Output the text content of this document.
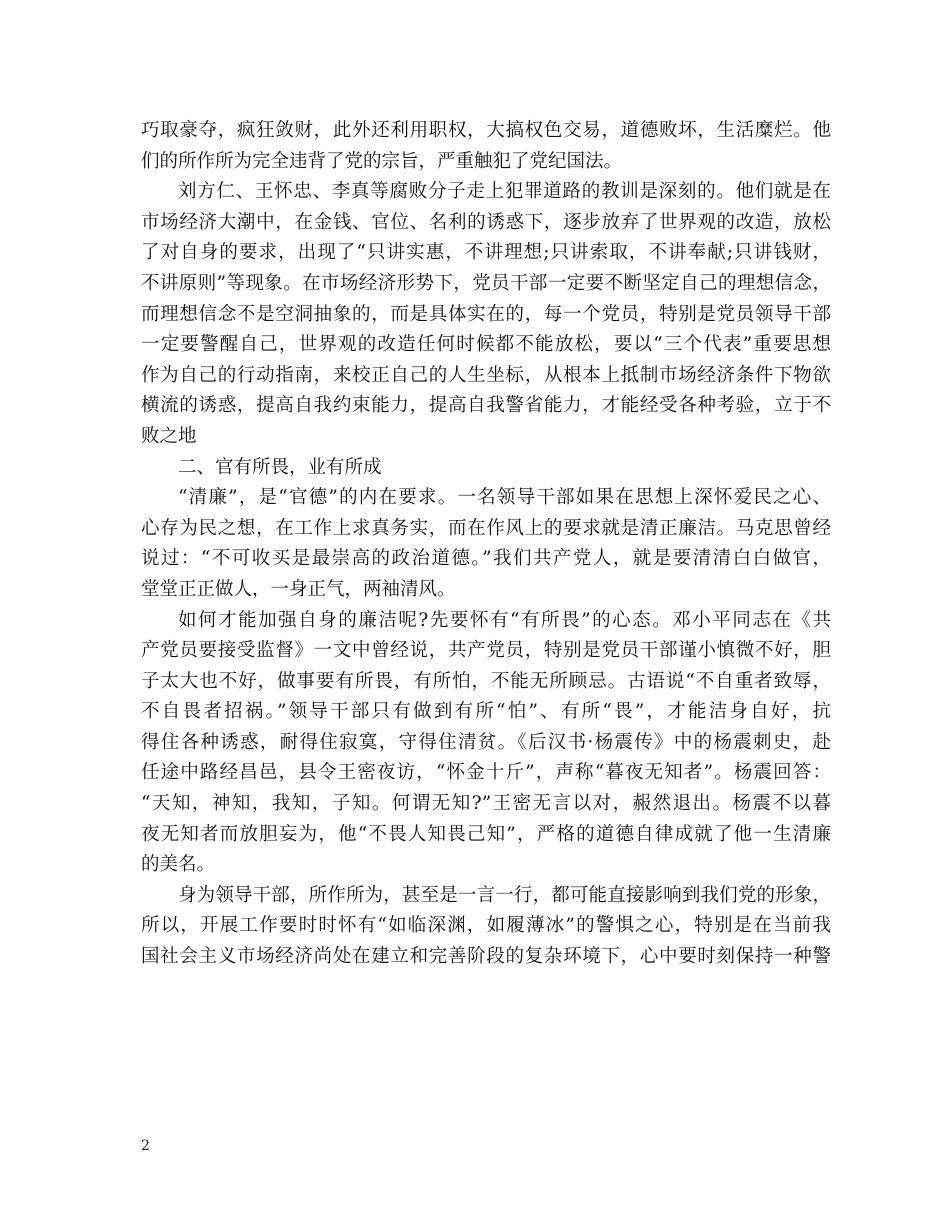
巧取豪夺，疯狂敛财，此外还利用职权，大搞权色交易，道德败坏，生活糜烂。他
们的所作所为完全违背了党的宗旨，严重触犯了党纪国法。
刘方仁、王怀忠、李真等腐败分子走上犯罪道路的教训是深刻的。他们就是在
市场经济大潮中，在金钱、官位、名利的诱惑下，逐步放弃了世界观的改造，放松
了对自身的要求，出现了“只讲实惠，不讲理想;只讲索取，不讲奉献;只讲钱财，
不讲原则”等现象。在市场经济形势下，党员干部一定要不断坚定自己的理想信念，
而理想信念不是空洞抽象的，而是具体实在的，每一个党员，特别是党员领导干部
一定要警醒自己，世界观的改造任何时候都不能放松，要以“三个代表”重要思想
作为自己的行动指南，来校正自己的人生坐标，从根本上抵制市场经济条件下物欲
横流的诱惑，提高自我约束能力，提高自我警省能力，才能经受各种考验，立于不
败之地
二、官有所畏，业有所成
“清廉”，是“官德”的内在要求。一名领导干部如果在思想上深怀爱民之心、
心存为民之想，在工作上求真务实，而在作风上的要求就是清正廉洁。马克思曾经
说过：“不可收买是最崇高的政治道德。”我们共产党人，就是要清清白白做官，
堂堂正正做人，一身正气，两袖清风。
如何才能加强自身的廉洁呢?先要怀有“有所畏”的心态。邓小平同志在《共
产党员要接受监督》一文中曾经说，共产党员，特别是党员干部谨小慎微不好，胆
子太大也不好，做事要有所畏，有所怕，不能无所顾忌。古语说“不自重者致辱，
不自畏者招祸。”领导干部只有做到有所“怕”、有所“畏”，才能洁身自好，抗
得住各种诱惑，耐得住寂寞，守得住清贫。《后汉书·杨震传》中的杨震刺史，赴
任途中路经昌邑，县令王密夜访，“怀金十斤”，声称“暮夜无知者”。杨震回答：
“天知，神知，我知，子知。何谓无知?”王密无言以对，赧然退出。杨震不以暮
夜无知者而放胆妄为，他“不畏人知畏己知”，严格的道德自律成就了他一生清廉
的美名。
身为领导干部，所作所为，甚至是一言一行，都可能直接影响到我们党的形象，
所以，开展工作要时时怀有“如临深渊，如履薄冰”的警惧之心，特别是在当前我
国社会主义市场经济尚处在建立和完善阶段的复杂环境下，心中要时刻保持一种警
2
